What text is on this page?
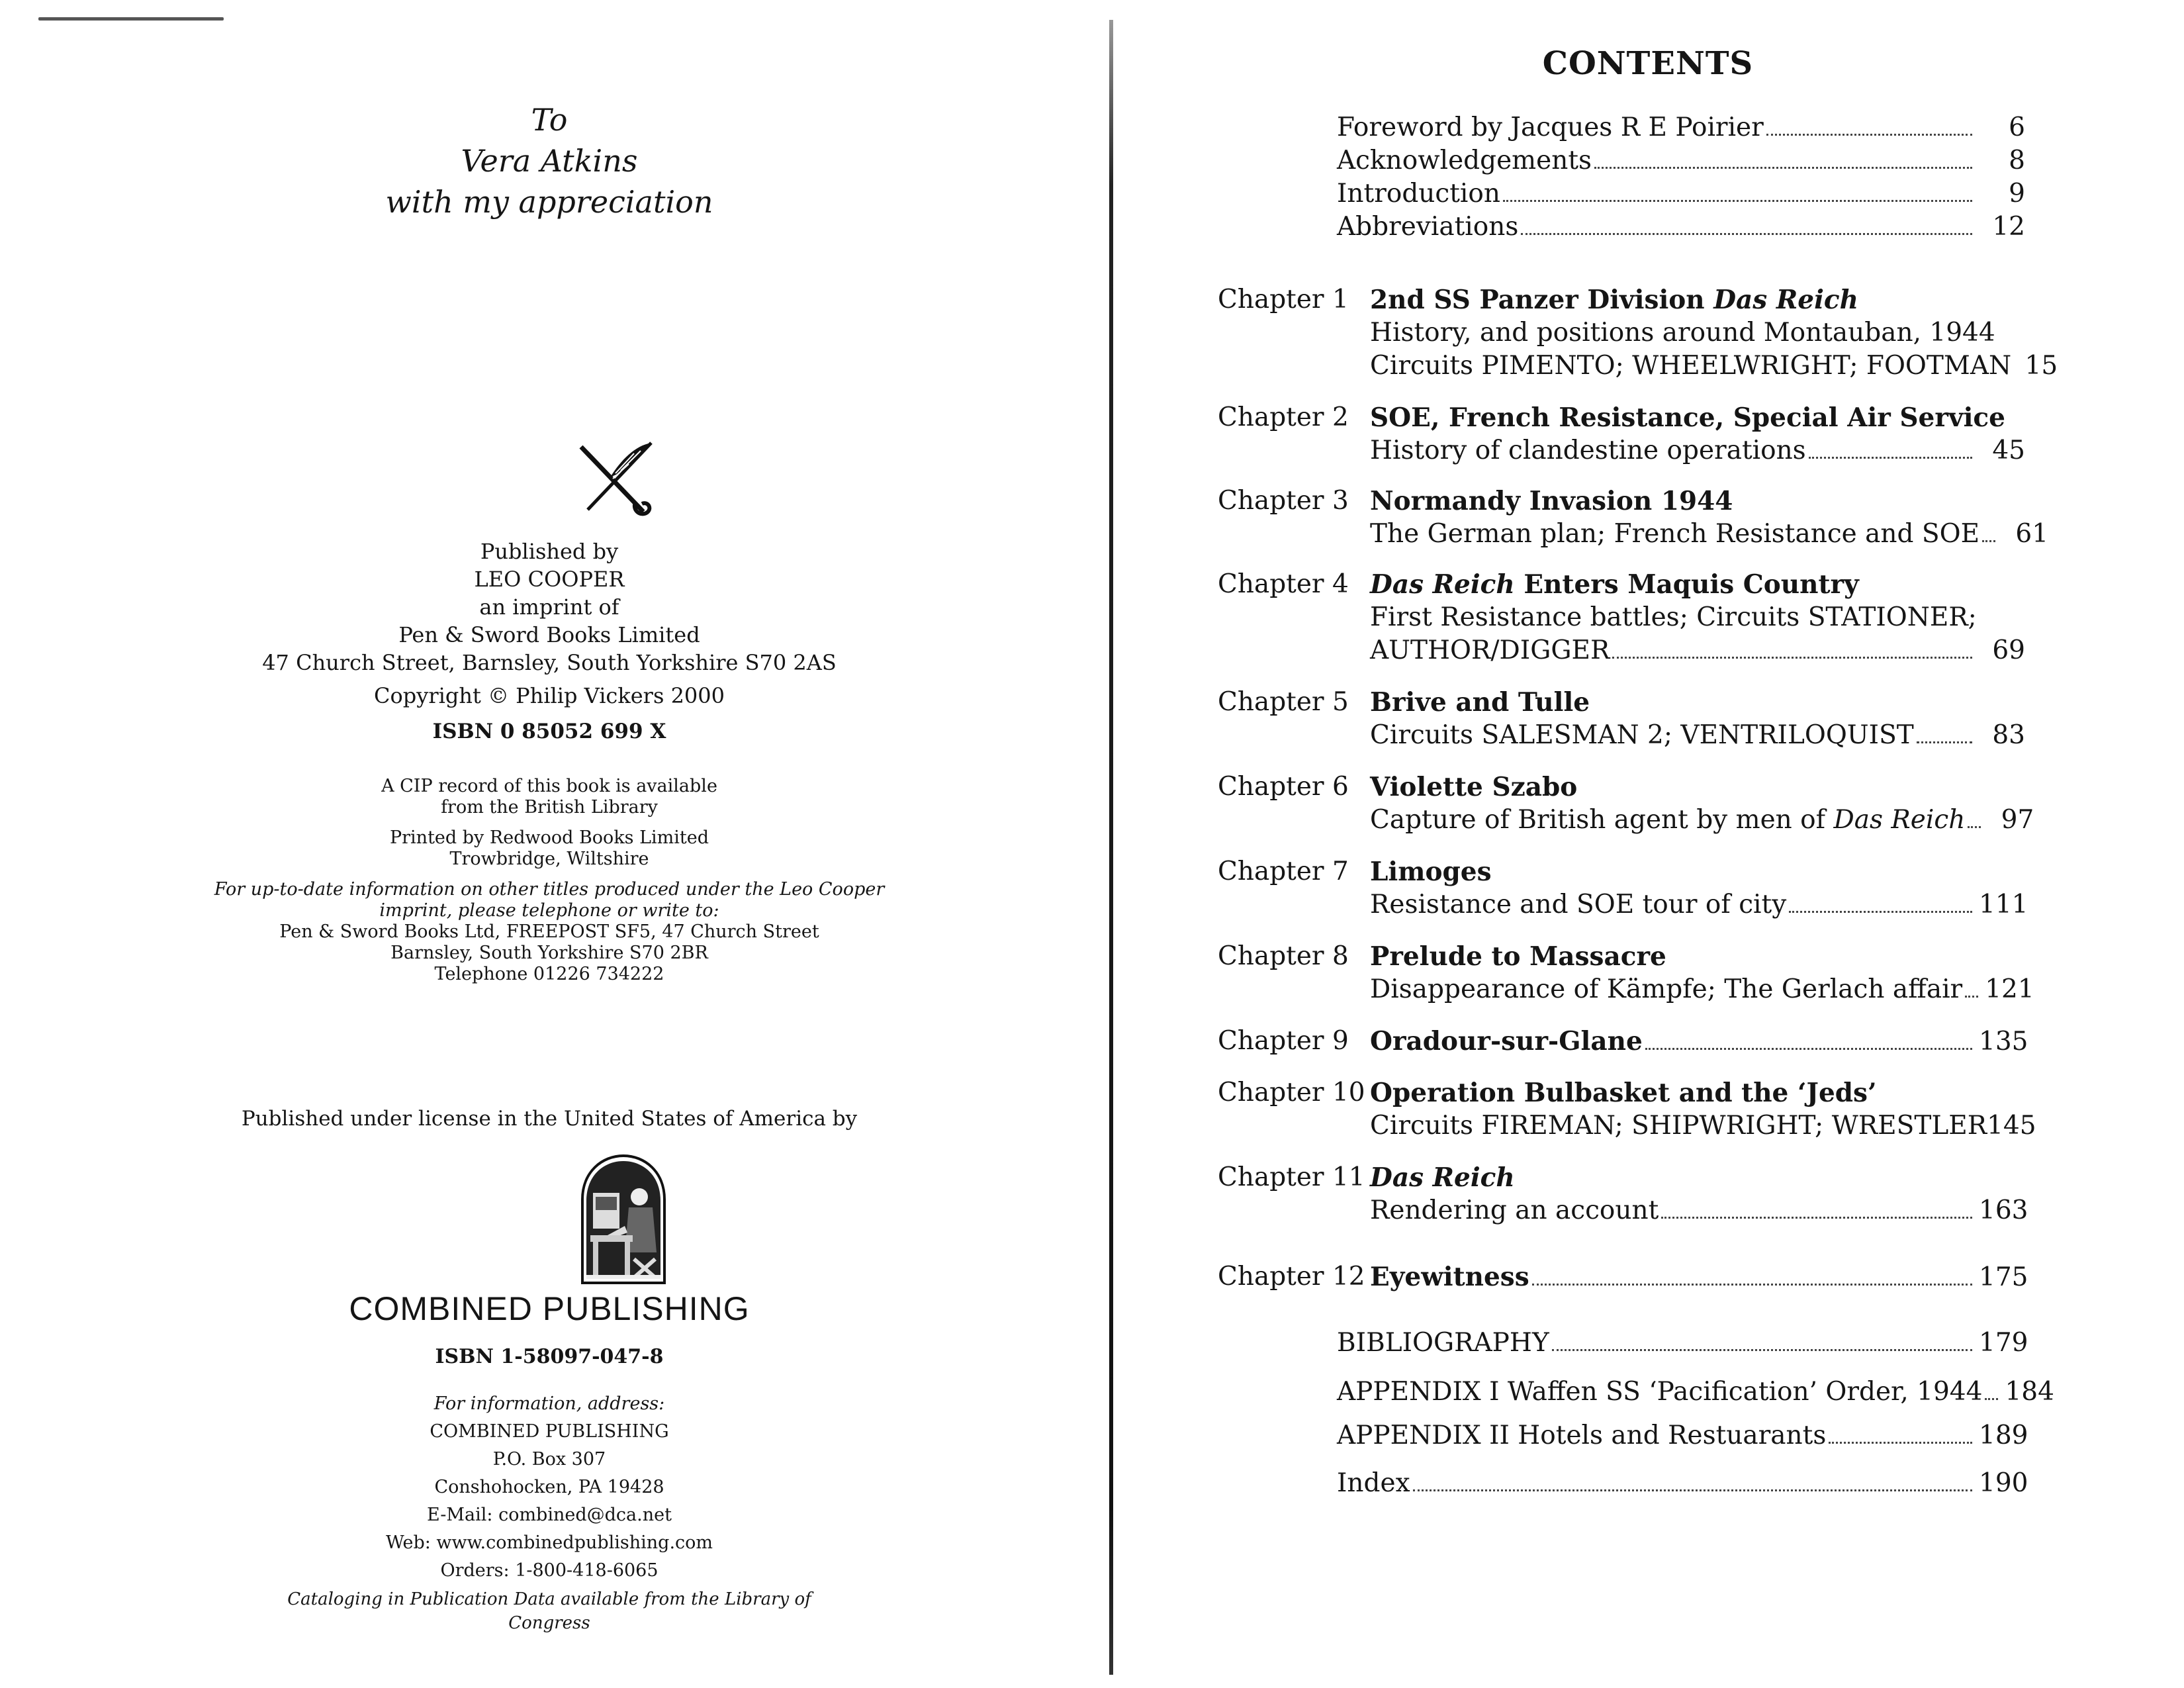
To
Vera Atkins
with my appreciation
Published by
LEO COOPER
an imprint of
Pen & Sword Books Limited
47 Church Street, Barnsley, South Yorkshire S70 2AS
Copyright © Philip Vickers 2000
ISBN 0 85052 699 X
A CIP record of this book is available
from the British Library
Printed by Redwood Books Limited
Trowbridge, Wiltshire
For up-to-date information on other titles produced under the Leo Cooper
imprint, please telephone or write to:
Pen & Sword Books Ltd, FREEPOST SF5, 47 Church Street
Barnsley, South Yorkshire S70 2BR
Telephone 01226 734222
Published under license in the United States of America by
COMBINED PUBLISHING
ISBN 1-58097-047-8
For information, address:
COMBINED PUBLISHING
P.O. Box 307
Conshohocken, PA 19428
E-Mail: combined@dca.net
Web: www.combinedpublishing.com
Orders: 1-800-418-6065
Cataloging in Publication Data available from the Library of
Congress
CONTENTS
Foreword by Jacques R E Poirier	6
Acknowledgements	8
Introduction	9
Abbreviations	12
Chapter 1 2nd SS Panzer Division Das Reich
History, and positions around Montauban, 1944
Circuits PIMENTO; WHEELWRIGHT; FOOTMAN 15
Chapter 2 SOE, French Resistance, Special Air Service
History of clandestine operations	45
Chapter 3 Normandy Invasion 1944
The German plan; French Resistance and SOE	61
Chapter 4 Das Reich Enters Maquis Country
First Resistance battles; Circuits STATIONER;
AUTHOR/DIGGER	69
Chapter 5 Brive and Tulle
Circuits SALESMAN 2; VENTRILOQUIST	83
Chapter 6 Violette Szabo
Capture of British agent by men of Das Reich	97
Chapter 7 Limoges
Resistance and SOE tour of city	111
Chapter 8 Prelude to Massacre
Disappearance of Kämpfe; The Gerlach affair 121
Chapter 9 Oradour-sur-Glane	135
Chapter 10 Operation Bulbasket and the ‘Jeds’
Circuits FIREMAN; SHIPWRIGHT; WRESTLER 145
Chapter 11 Das Reich
Rendering an account	163
Chapter 12 Eyewitness	175
BIBLIOGRAPHY	179
APPENDIX I Waffen SS ‘Pacification’ Order, 1944 184
APPENDIX II Hotels and Restuarants	189
Index	190
